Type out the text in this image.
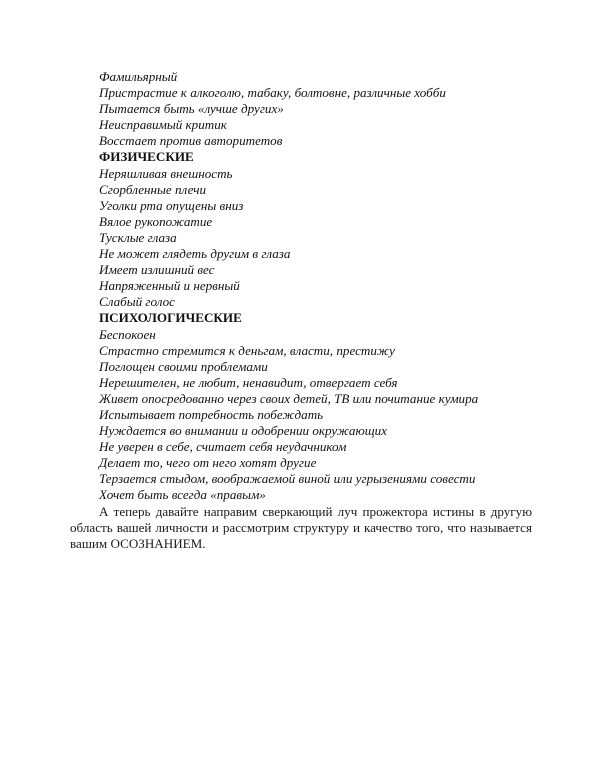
Фамильярный

Пристрастие к алкоголю, табаку, болтовне, различные хобби

Пытается быть «лучше других»

Неисправимый критик

Восстает против авторитетов

ФИЗИЧЕСКИЕ

Неряшливая внешность

Сгорбленные плечи

Уголки рта опущены вниз

Вялое рукопожатие

Тусклые глаза

Не может глядеть другим в глаза

Имеет излишний вес

Напряженный и нервный

Слабый голос

ПСИХОЛОГИЧЕСКИЕ

Беспокоен

Страстно стремится к деньгам, власти, престижу

Поглощен своими проблемами

Нерешителен, не любит, ненавидит, отвергает себя

Живет опосредованно через своих детей, ТВ или почитание кумира

Испытывает потребность побеждать

Нуждается во внимании и одобрении окружающих

Не уверен в себе, считает себя неудачником

Делает то, чего от него хотят другие

Терзается стыдом, воображаемой виной или угрызениями совести

Хочет быть всегда «правым»

А теперь давайте направим сверкающий луч прожектора истины в другую область вашей личности и рассмотрим структуру и качество того, что называется вашим ОСОЗНАНИЕМ.
